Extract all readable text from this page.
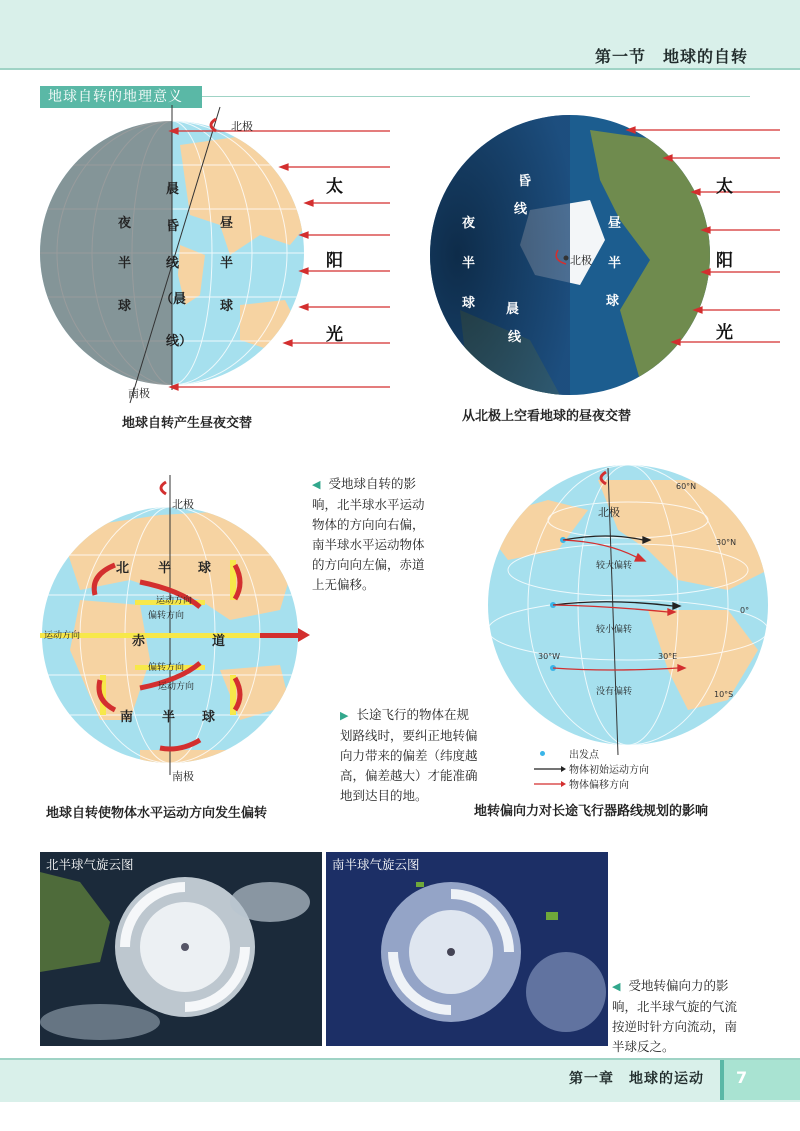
第一节　地球的自转
地球自转的地理意义
北极
南极
夜
半
球
晨
昏
线
（晨
线）
昼
半
球
太
阳
光
地球自转产生昼夜交替
夜
昏
线
晨
线
昼
半
球
半
球
北极
太
阳
光
从北极上空看地球的昼夜交替
北极
南极
北 半 球
南 半 球
赤	道
运动方向
运动方向
偏转方向
偏转方向
运动方向
地球自转使物体水平运动方向发生偏转
◀ 受地球自转的影
响，北半球水平运动
物体的方向向右偏，
南半球水平运动物体
的方向向左偏，赤道
上无偏移。
北极
较大偏转
较小偏转
没有偏转
60°N
30°N
0°
10°S
30°W	30°E
出发点
物体初始运动方向
物体偏移方向
地转偏向力对长途飞行器路线规划的影响
▶ 长途飞行的物体在规
划路线时，要纠正地转偏
向力带来的偏差（纬度越
高，偏差越大）才能准确
地到达目的地。
北半球气旋云图	南半球气旋云图
◀ 受地转偏向力的影
响，北半球气旋的气流
按逆时针方向流动，南
半球反之。
第一章　地球的运动 7
